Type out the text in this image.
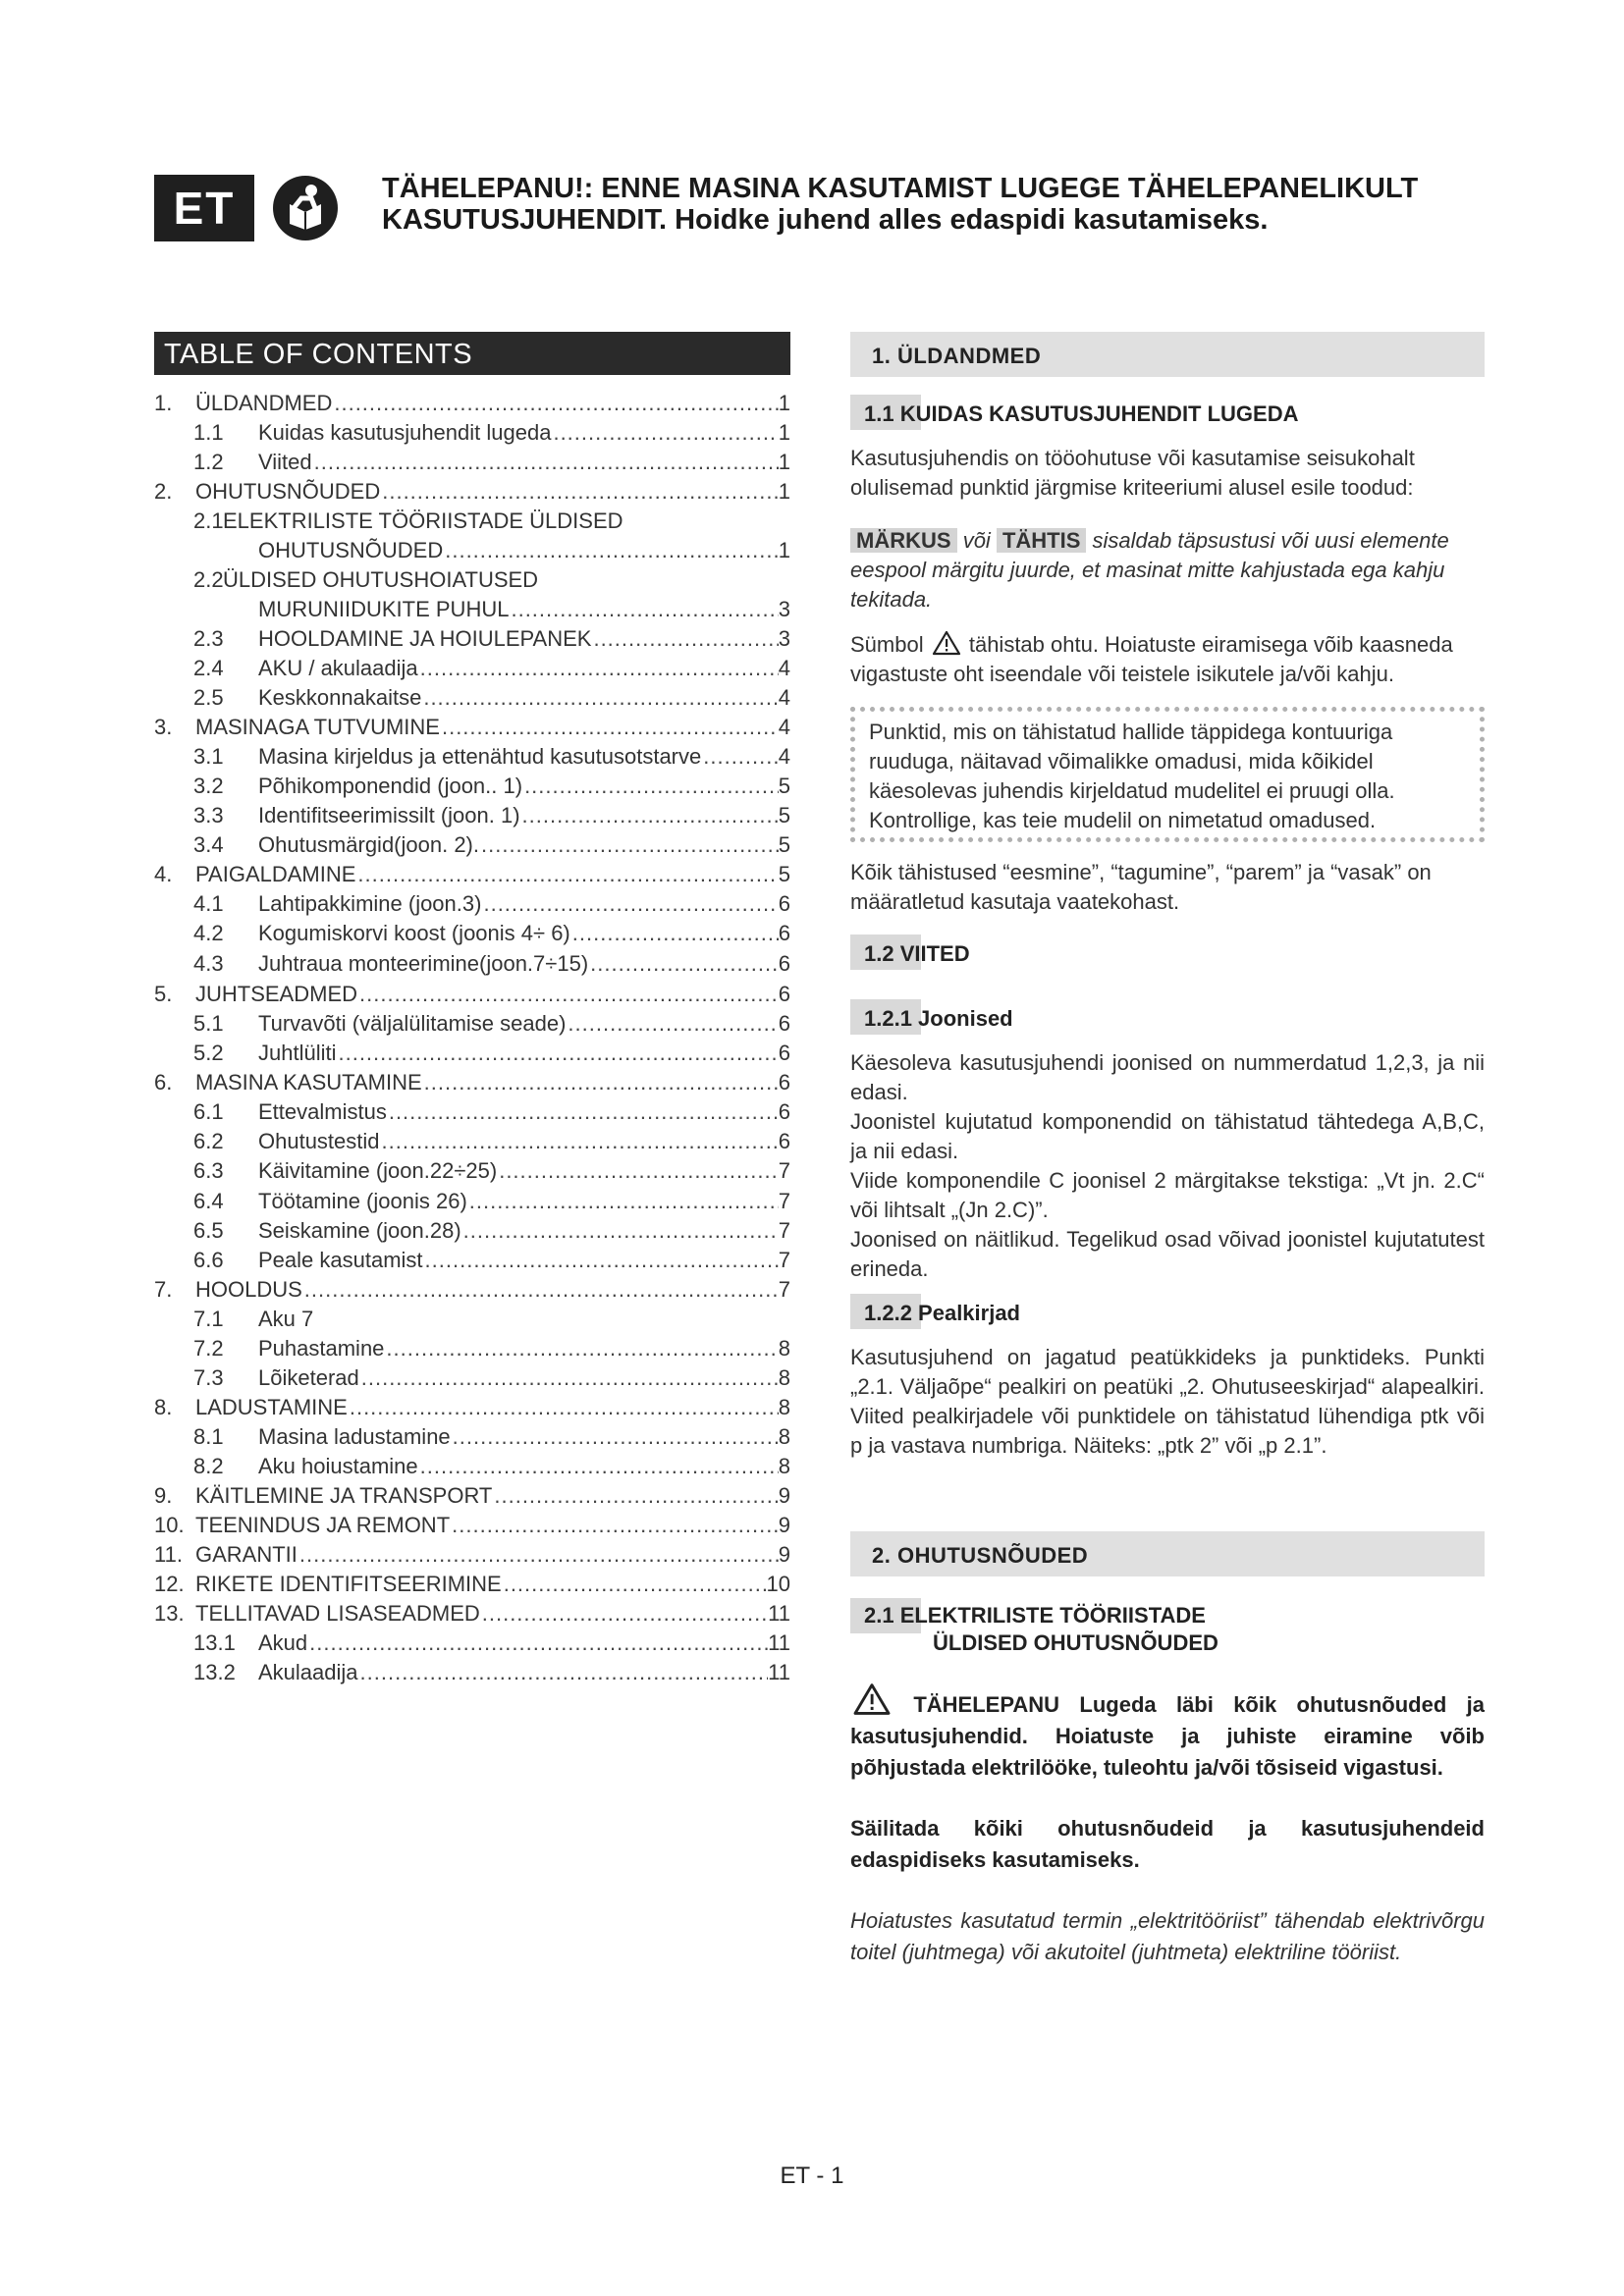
ET	TÄHELEPANU!: ENNE MASINA KASUTAMIST LUGEGE TÄHELEPANELIKULT
KASUTUSJUHENDIT. Hoidke juhend alles edaspidi kasutamiseks.
TABLE OF CONTENTS
1.	ÜLDANDMED .....	1
1.1	Kuidas kasutusjuhendit lugeda .....	1
1.2	Viited .....	1
2.	OHUTUSNÕUDED .....	1
2.1ELEKTRILISTE TÖÖRIISTADE ÜLDISED
OHUTUSNÕUDED .....	1
2.2ÜLDISED OHUTUSHOIATUSED
MURUNIIDUKITE PUHUL .....	3
2.3	HOOLDAMINE JA HOIULEPANEK .....	3
2.4	AKU / akulaadija .....	4
2.5	Keskkonnakaitse .....	4
3.	MASINAGA TUTVUMINE .....	4
3.1	Masina kirjeldus ja ettenähtud kasutusotstarve .....	4
3.2	Põhikomponendid (joon.. 1) .....	5
3.3	Identifitseerimissilt (joon. 1) .....	5
3.4	Ohutusmärgid(joon. 2). .....	5
4.	PAIGALDAMINE .....	5
4.1	Lahtipakkimine (joon.3) .....	6
4.2	Kogumiskorvi koost (joonis 4÷ 6) .....	6
4.3	Juhtraua monteerimine(joon.7÷15) .....	6
5.	JUHTSEADMED .....	6
5.1	Turvavõti (väljalülitamise seade) .....	6
5.2	Juhtlüliti .....	6
6.	MASINA KASUTAMINE .....	6
6.1	Ettevalmistus .....	6
6.2	Ohutustestid .....	6
6.3	Käivitamine (joon.22÷25) .....	7
6.4	Töötamine (joonis 26) .....	7
6.5	Seiskamine (joon.28) .....	7
6.6	Peale kasutamist .....	7
7.	HOOLDUS .....	7
7.1	Aku 7
7.2	Puhastamine .....	8
7.3	Lõiketerad .....	8
8.	LADUSTAMINE .....	8
8.1	Masina ladustamine .....	8
8.2	Aku hoiustamine .....	8
9.	KÄITLEMINE JA TRANSPORT .....	9
10. TEENINDUS JA REMONT .....	9
11. GARANTII .....	9
12. RIKETE IDENTIFITSEERIMINE .....	10
13. TELLITAVAD LISASEADMED .....	11
13.1	Akud .....	11
13.2	Akulaadija .....	11
1. ÜLDANDMED
1.1 KUIDAS KASUTUSJUHENDIT LUGEDA

Kasutusjuhendis on tööohutuse või kasutamise seisukohalt olulisemad punktid järgmise kriteeriumi alusel esile toodud:

MÄRKUS või TÄHTIS sisaldab täpsustusi või uusi elemente eespool märgitu juurde, et masinat mitte kahjustada ega kahju tekitada.

Sümbol tähistab ohtu. Hoiatuste eiramisega võib kaasneda vigastuste oht iseendale või teistele isikutele ja/või kahju.

Punktid, mis on tähistatud hallide täppidega kontuuriga ruuduga, näitavad võimalikke omadusi, mida kõikidel käesolevas juhendis kirjeldatud mudelitel ei pruugi olla. Kontrollige, kas teie mudelil on nimetatud omadused.

Kõik tähistused “eesmine”, “tagumine”, “parem” ja “vasak” on määratletud kasutaja vaatekohast.

1.2 VIITED
1.2.1 Joonised

Käesoleva kasutusjuhendi joonised on nummerdatud 1,2,3, ja nii edasi.

Joonistel kujutatud komponendid on tähistatud tähtedega A,B,C, ja nii edasi.

Viide komponendile C joonisel 2 märgitakse tekstiga: „Vt jn. 2.C“ või lihtsalt „(Jn 2.C)”.

Joonised on näitlikud. Tegelikud osad võivad joonistel kujutatutest erineda.

1.2.2 Pealkirjad

Kasutusjuhend on jagatud peatükkideks ja punktideks. Punkti „2.1. Väljaõpe“ pealkiri on peatüki „2. Ohutuseeskirjad“ alapealkiri. Viited pealkirjadele või punktidele on tähistatud lühendiga ptk või p ja vastava numbriga. Näiteks: „ptk 2” või „p 2.1”.

2. OHUTUSNÕUDED
2.1 ELEKTRILISTE TÖÖRIISTADE
ÜLDISED OHUTUSNÕUDED

TÄHELEPANU Lugeda läbi kõik ohutusnõuded ja kasutusjuhendid. Hoiatuste ja juhiste eiramine võib põhjustada elektrilööke, tuleohtu ja/või tõsiseid vigastusi.

Säilitada kõiki ohutusnõudeid ja kasutusjuhendeid edaspidiseks kasutamiseks.

Hoiatustes kasutatud termin „elektritööriist” tähendab elektrivõrgu toitel (juhtmega) või akutoitel (juhtmeta) elektriline tööriist.

ET - 1
